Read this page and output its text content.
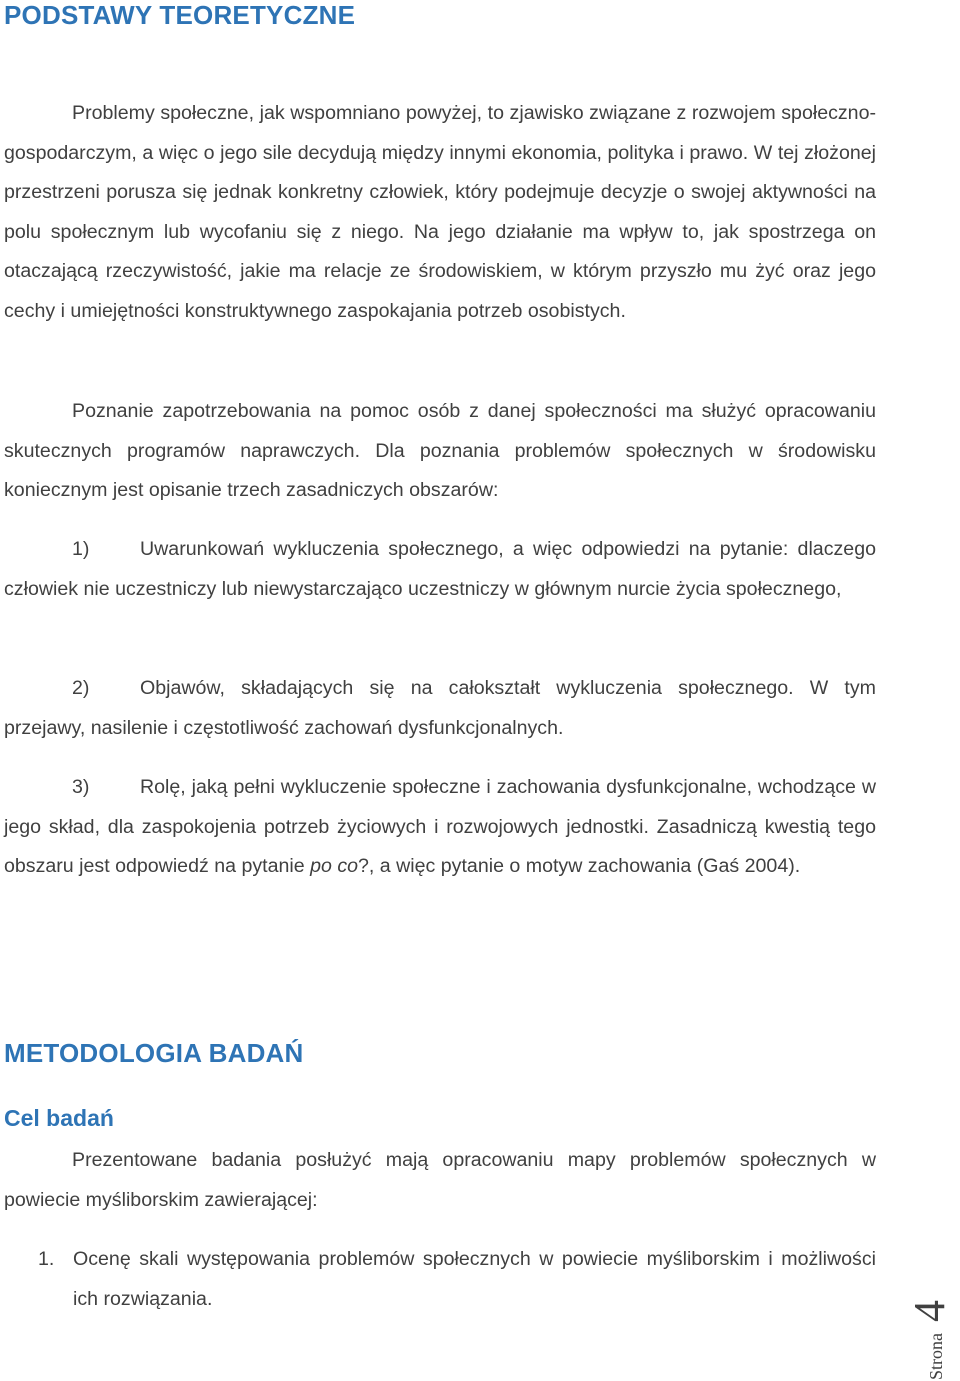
PODSTAWY TEORETYCZNE

Problemy społeczne, jak wspomniano powyżej, to zjawisko związane z rozwojem społeczno-gospodarczym, a więc o jego sile decydują między innymi ekonomia, polityka i prawo. W tej złożonej przestrzeni porusza się jednak konkretny człowiek, który podejmuje decyzje o swojej aktywności na polu społecznym lub wycofaniu się z niego. Na jego działanie ma wpływ to, jak spostrzega on otaczającą rzeczywistość, jakie ma relacje ze środowiskiem, w którym przyszło mu żyć oraz jego cechy i umiejętności konstruktywnego zaspokajania potrzeb osobistych.

Poznanie zapotrzebowania na pomoc osób z danej społeczności ma służyć opracowaniu skutecznych programów naprawczych. Dla poznania problemów społecznych w środowisku koniecznym jest opisanie trzech zasadniczych obszarów:

1)	Uwarunkowań wykluczenia społecznego, a więc odpowiedzi na pytanie: dlaczego człowiek nie uczestniczy lub niewystarczająco uczestniczy w głównym nurcie życia społecznego,

2)	Objawów, składających się na całokształt wykluczenia społecznego. W tym przejawy, nasilenie i częstotliwość zachowań dysfunkcjonalnych.

3)	Rolę, jaką pełni wykluczenie społeczne i zachowania dysfunkcjonalne, wchodzące w jego skład, dla zaspokojenia potrzeb życiowych i rozwojowych jednostki. Zasadniczą kwestią tego obszaru jest odpowiedź na pytanie po co?, a więc pytanie o motyw zachowania (Gaś 2004).

METODOLOGIA BADAŃ
Cel badań

Prezentowane badania posłużyć mają opracowaniu mapy problemów społecznych w powiecie myśliborskim zawierającej:

1. Ocenę skali występowania problemów społecznych w powiecie myśliborskim i możliwości ich rozwiązania.

Strona
4
